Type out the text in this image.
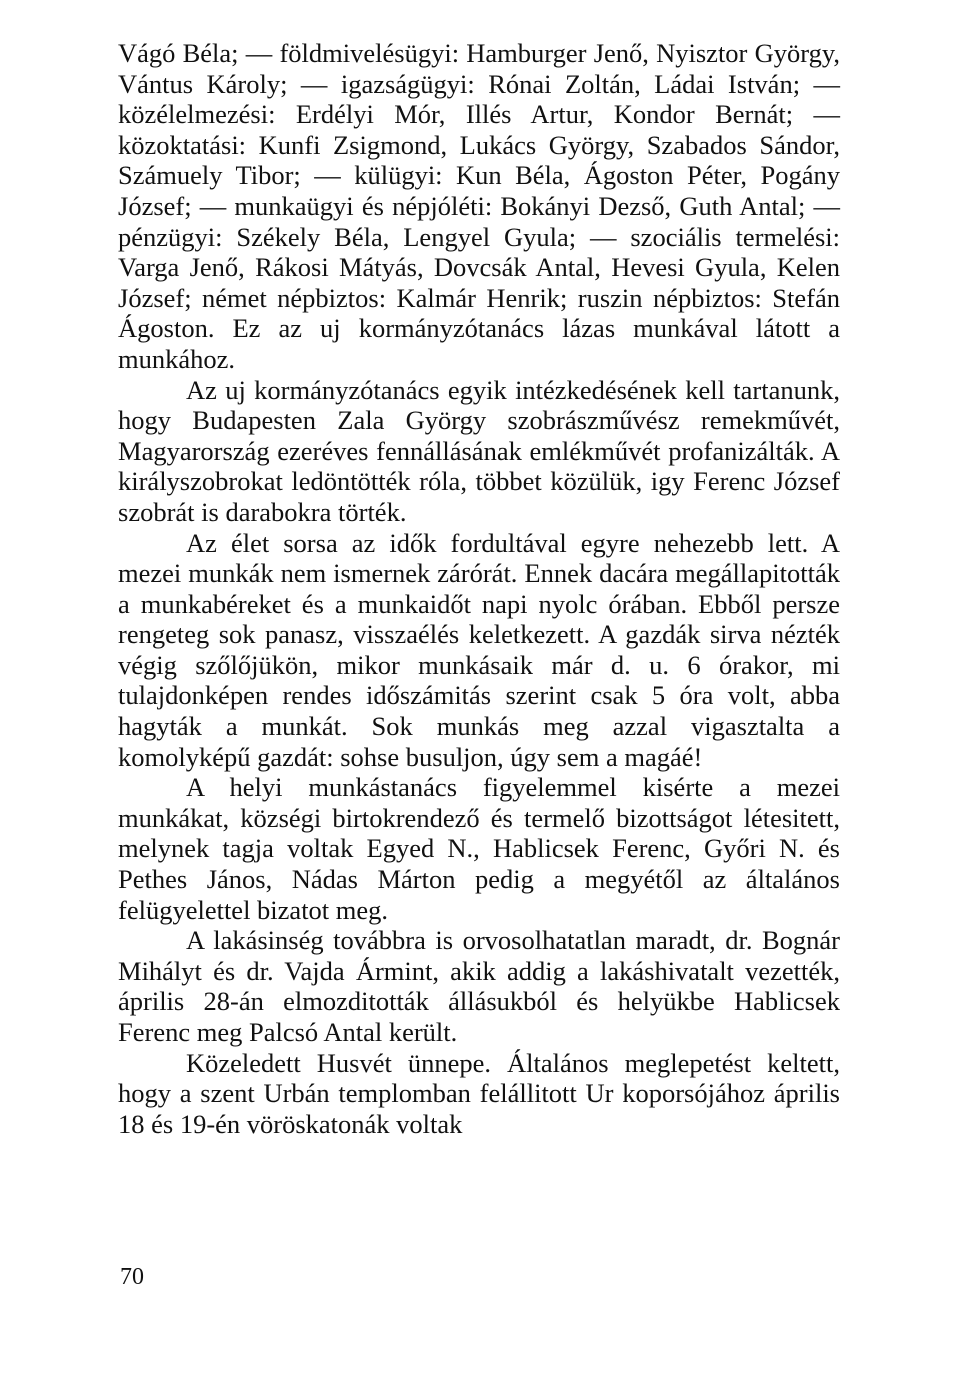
Vágó Béla; — földmivelésügyi: Hamburger Jenő, Nyisztor György, Vántus Károly; — igazságügyi: Rónai Zoltán, Ládai István; — közélelmezési: Erdélyi Mór, Illés Artur, Kondor Bernát; — közoktatási: Kunfi Zsigmond, Lukács György, Szabados Sándor, Számuely Tibor; — külügyi: Kun Béla, Ágoston Péter, Pogány József; — munkaügyi és népjóléti: Bokányi Dezső, Guth Antal; — pénzügyi: Székely Béla, Lengyel Gyula; — szociális termelési: Varga Jenő, Rákosi Mátyás, Dovcsák Antal, Hevesi Gyula, Kelen József; német népbiztos: Kalmár Henrik; ruszin népbiztos: Stefán Ágoston. Ez az uj kormányzótanács lázas munkával látott a munkához.

Az uj kormányzótanács egyik intézkedésének kell tartanunk, hogy Budapesten Zala György szobrászművész remekművét, Magyarország ezeréves fennállásának emlékművét profanizálták. A királyszobrokat ledöntötték róla, többet közülük, igy Ferenc József szobrát is darabokra törték.

Az élet sorsa az idők fordultával egyre nehezebb lett. A mezei munkák nem ismernek zárórát. Ennek dacára megállapitották a munkabéreket és a munkaidőt napi nyolc órában. Ebből persze rengeteg sok panasz, visszaélés keletkezett. A gazdák sirva nézték végig szőlőjükön, mikor munkásaik már d. u. 6 órakor, mi tulajdonképen rendes időszámitás szerint csak 5 óra volt, abba hagyták a munkát. Sok munkás meg azzal vigasztalta a komolyképű gazdát: sohse busuljon, úgy sem a magáé!

A helyi munkástanács figyelemmel kisérte a mezei munkákat, községi birtokrendező és termelő bizottságot létesitett, melynek tagja voltak Egyed N., Hablicsek Ferenc, Győri N. és Pethes János, Nádas Márton pedig a megyétől az általános felügyelettel bizatot meg.

A lakásinség továbbra is orvosolhatatlan maradt, dr. Bognár Mihályt és dr. Vajda Ármint, akik addig a lakáshivatalt vezették, április 28-án elmozditották állásukból és helyükbe Hablicsek Ferenc meg Palcsó Antal került.

Közeledett Husvét ünnepe. Általános meglepetést keltett, hogy a szent Urbán templomban felállitott Ur koporsójához április 18 és 19-én vöröskatonák voltak

70
